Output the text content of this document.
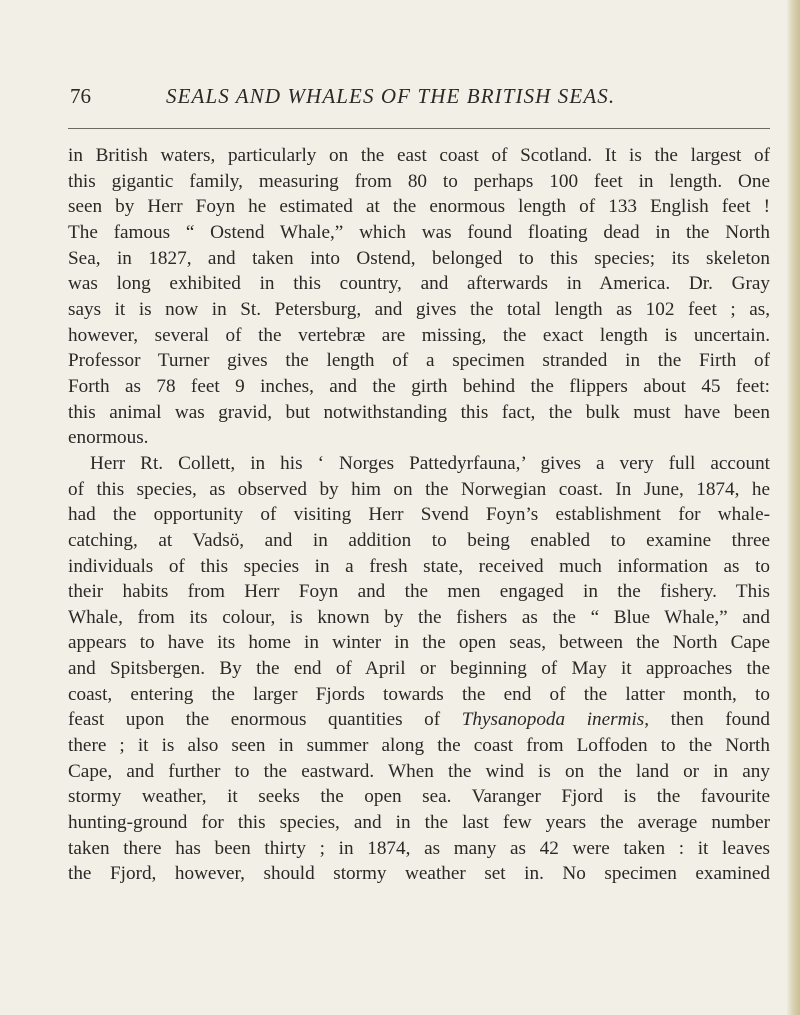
76	SEALS AND WHALES OF THE BRITISH SEAS.
in British waters, particularly on the east coast of Scotland. It is the largest of
this gigantic family, measuring from 80 to perhaps 100 feet in length. One
seen by Herr Foyn he estimated at the enormous length of 133 English feet !
The famous “ Ostend Whale,” which was found floating dead in the North
Sea, in 1827, and taken into Ostend, belonged to this species; its skeleton
was long exhibited in this country, and afterwards in America. Dr. Gray
says it is now in St. Petersburg, and gives the total length as 102 feet ; as,
however, several of the vertebræ are missing, the exact length is uncertain.
Professor Turner gives the length of a specimen stranded in the Firth of
Forth as 78 feet 9 inches, and the girth behind the flippers about 45 feet:
this animal was gravid, but notwithstanding this fact, the bulk must have been
enormous.
Herr Rt. Collett, in his ‘ Norges Pattedyrfauna,’ gives a very full account
of this species, as observed by him on the Norwegian coast. In June, 1874, he
had the opportunity of visiting Herr Svend Foyn’s establishment for whale-
catching, at Vadsö, and in addition to being enabled to examine three
individuals of this species in a fresh state, received much information as to
their habits from Herr Foyn and the men engaged in the fishery. This
Whale, from its colour, is known by the fishers as the “ Blue Whale,” and
appears to have its home in winter in the open seas, between the North Cape
and Spitsbergen. By the end of April or beginning of May it approaches the
coast, entering the larger Fjords towards the end of the latter month, to
feast upon the enormous quantities of Thysanopoda inermis, then found
there ; it is also seen in summer along the coast from Loffoden to the North
Cape, and further to the eastward. When the wind is on the land or in any
stormy weather, it seeks the open sea. Varanger Fjord is the favourite
hunting-ground for this species, and in the last few years the average number
taken there has been thirty ; in 1874, as many as 42 were taken : it leaves
the Fjord, however, should stormy weather set in. No specimen examined
